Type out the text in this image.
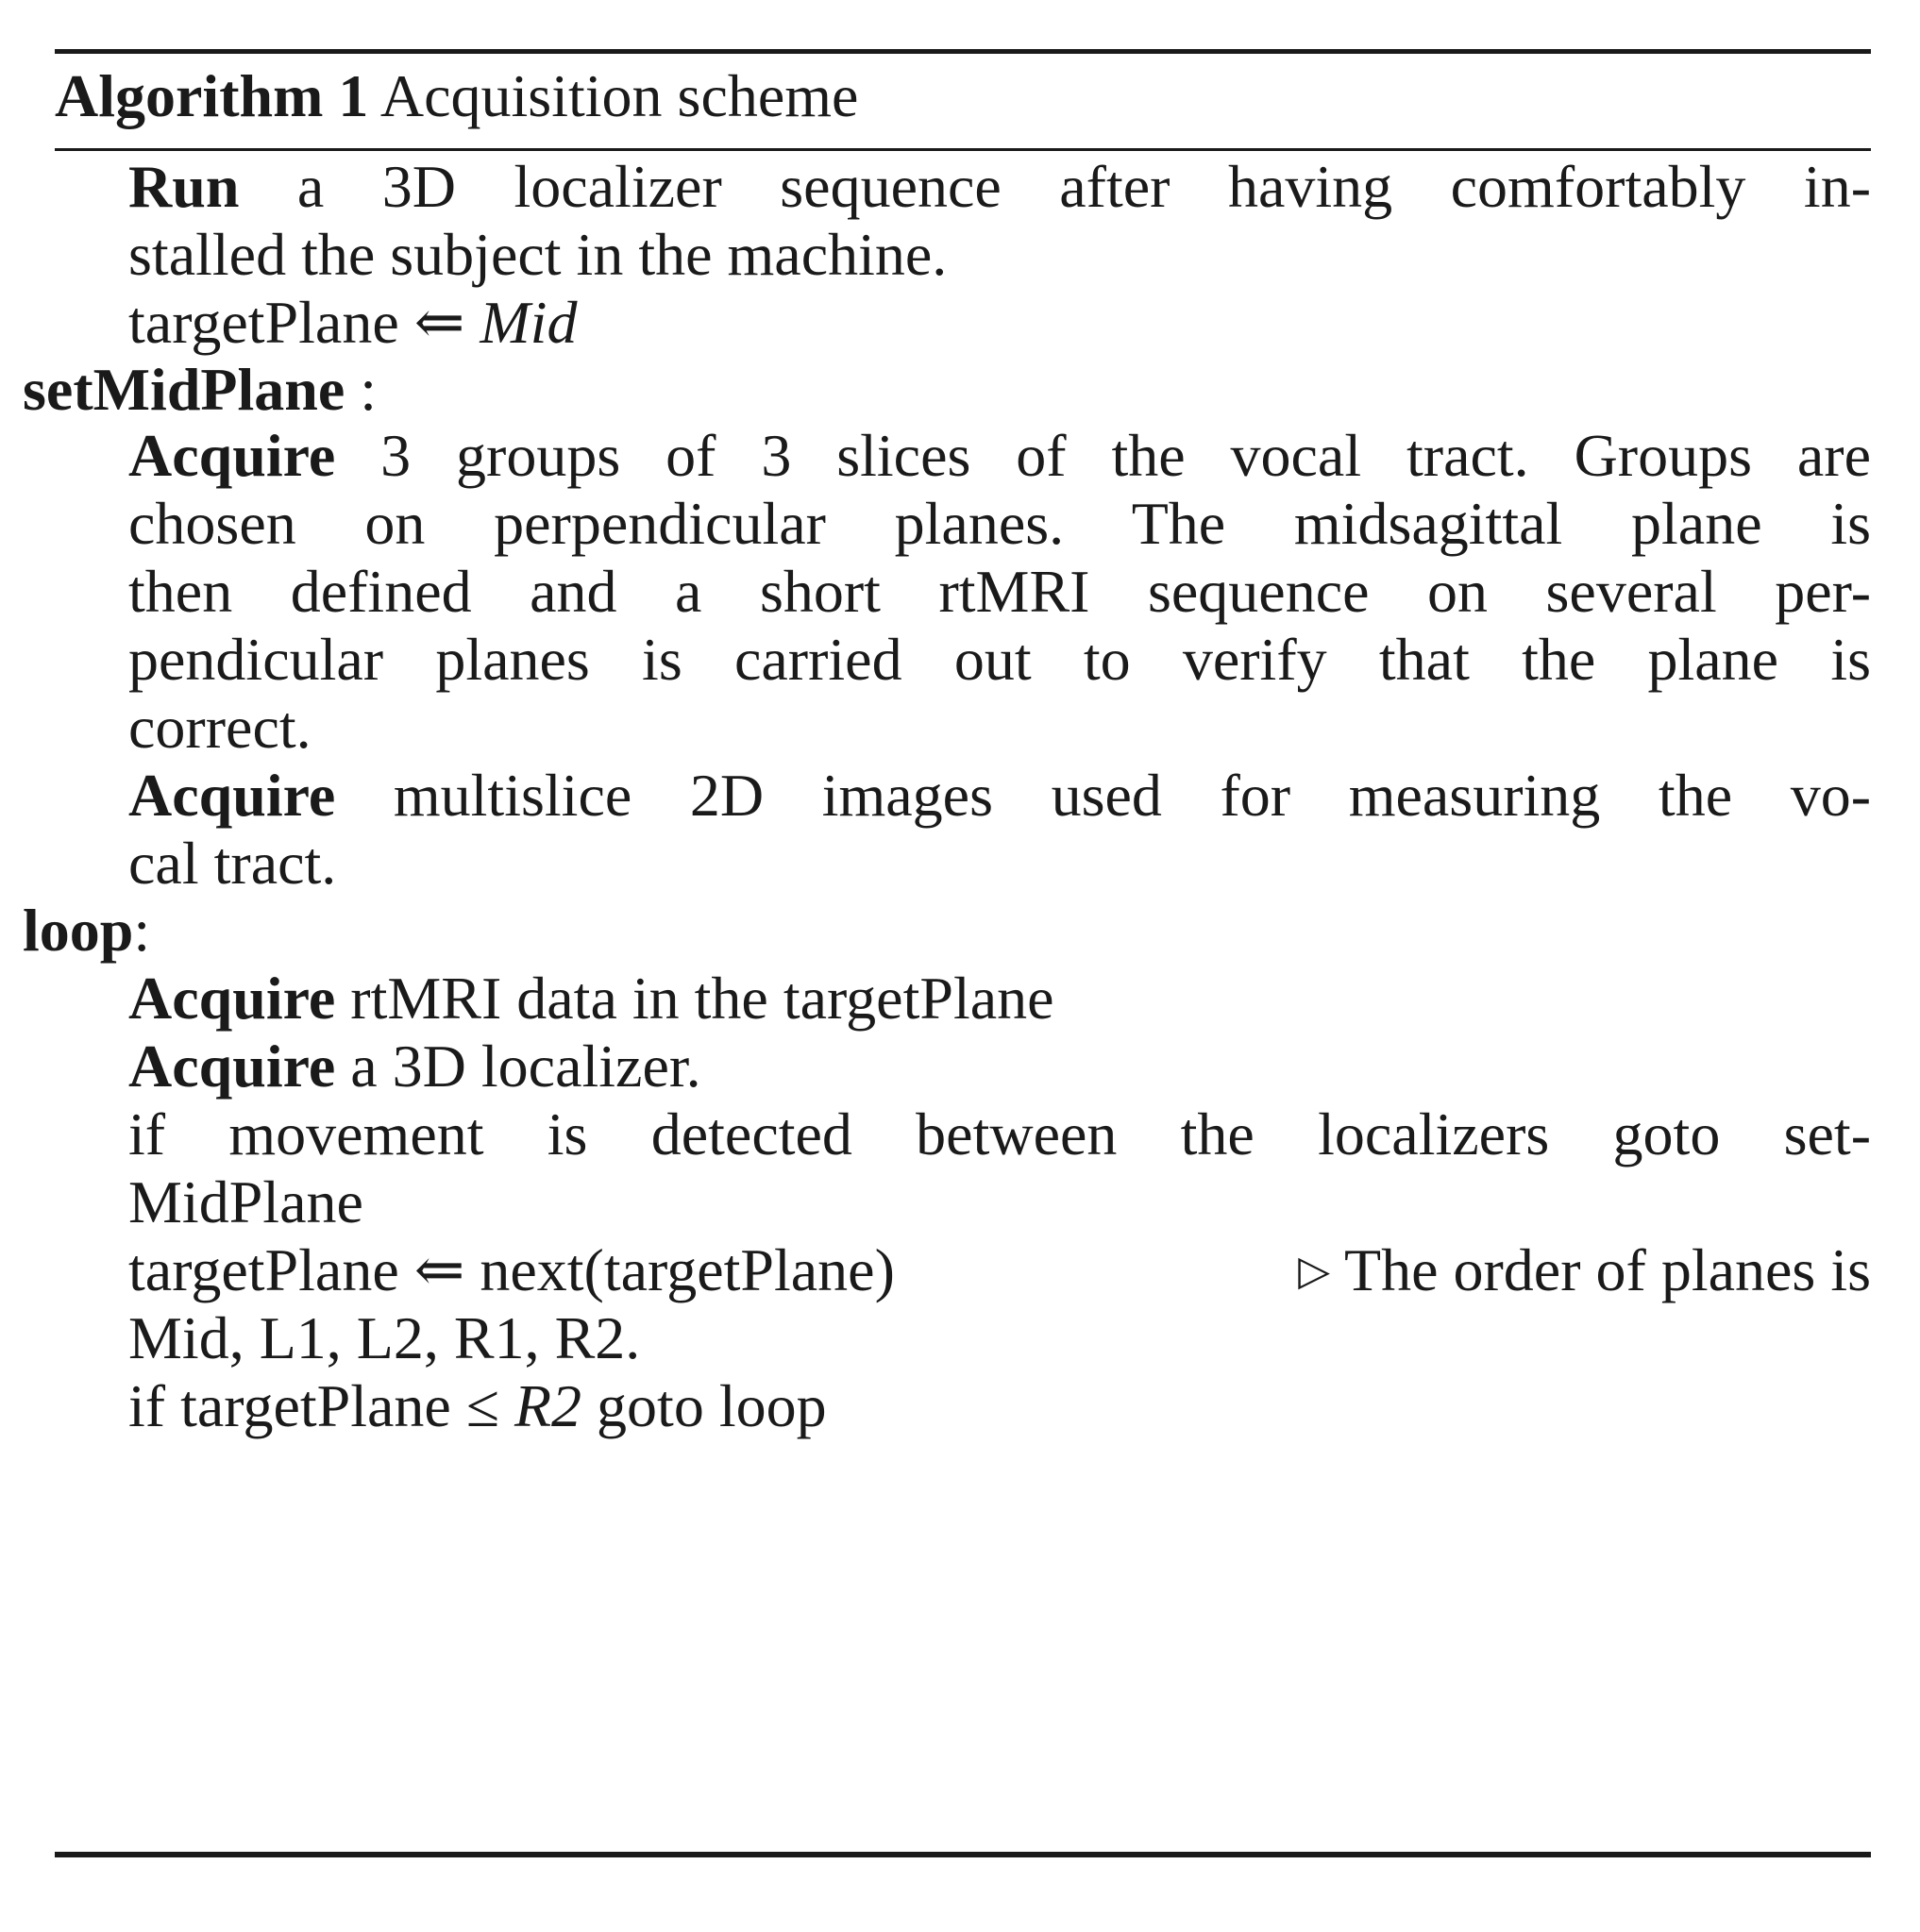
Algorithm 1 Acquisition scheme
Run a 3D localizer sequence after having comfortably in-
stalled the subject in the machine.
targetPlane ⇐ Mid
setMidPlane :
Acquire 3 groups of 3 slices of the vocal tract. Groups are
chosen on perpendicular planes. The midsagittal plane is
then defined and a short rtMRI sequence on several per-
pendicular planes is carried out to verify that the plane is
correct.
Acquire multislice 2D images used for measuring the vo-
cal tract.
loop:
Acquire rtMRI data in the targetPlane
Acquire a 3D localizer.
if movement is detected between the localizers goto set-
MidPlane
targetPlane ⇐ next(targetPlane)	▷ The order of planes is
Mid, L1, L2, R1, R2.
if targetPlane ≤ R2 goto loop
